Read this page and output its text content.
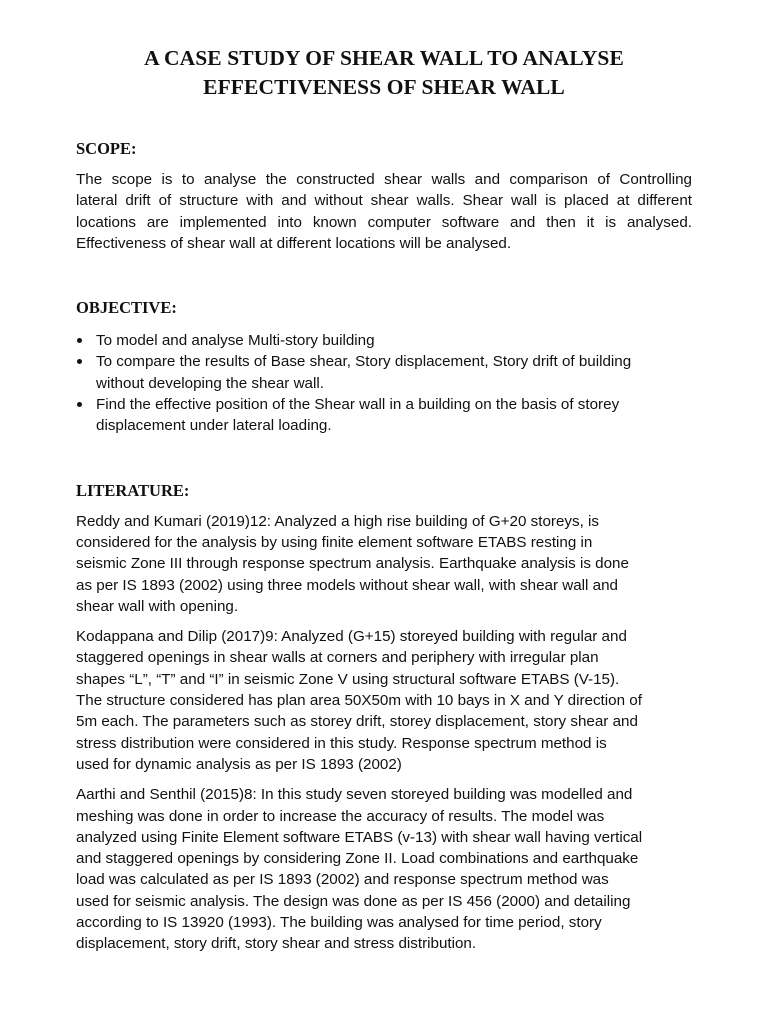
A CASE STUDY OF SHEAR WALL TO ANALYSE
EFFECTIVENESS OF SHEAR WALL
SCOPE:
The scope is to analyse the constructed shear walls and comparison of Controlling
lateral drift of structure with and without shear walls. Shear wall is placed at different
locations are implemented into known computer software and then it is analysed.
Effectiveness of shear wall at different locations will be analysed.
OBJECTIVE:
To model and analyse Multi-story building
To compare the results of Base shear, Story displacement, Story drift of building
without developing the shear wall.
Find the effective position of the Shear wall in a building on the basis of storey
displacement under lateral loading.
LITERATURE:
Reddy and Kumari (2019)12: Analyzed a high rise building of G+20 storeys, is
considered for the analysis by using finite element software ETABS resting in
seismic Zone III through response spectrum analysis. Earthquake analysis is done
as per IS 1893 (2002) using three models without shear wall, with shear wall and
shear wall with opening.
Kodappana and Dilip (2017)9: Analyzed (G+15) storeyed building with regular and
staggered openings in shear walls at corners and periphery with irregular plan
shapes “L”, “T” and “I” in seismic Zone V using structural software ETABS (V-15).
The structure considered has plan area 50X50m with 10 bays in X and Y direction of
5m each. The parameters such as storey drift, storey displacement, story shear and
stress distribution were considered in this study. Response spectrum method is
used for dynamic analysis as per IS 1893 (2002)
Aarthi and Senthil (2015)8: In this study seven storeyed building was modelled and
meshing was done in order to increase the accuracy of results. The model was
analyzed using Finite Element software ETABS (v-13) with shear wall having vertical
and staggered openings by considering Zone II. Load combinations and earthquake
load was calculated as per IS 1893 (2002) and response spectrum method was
used for seismic analysis. The design was done as per IS 456 (2000) and detailing
according to IS 13920 (1993). The building was analysed for time period, story
displacement, story drift, story shear and stress distribution.
